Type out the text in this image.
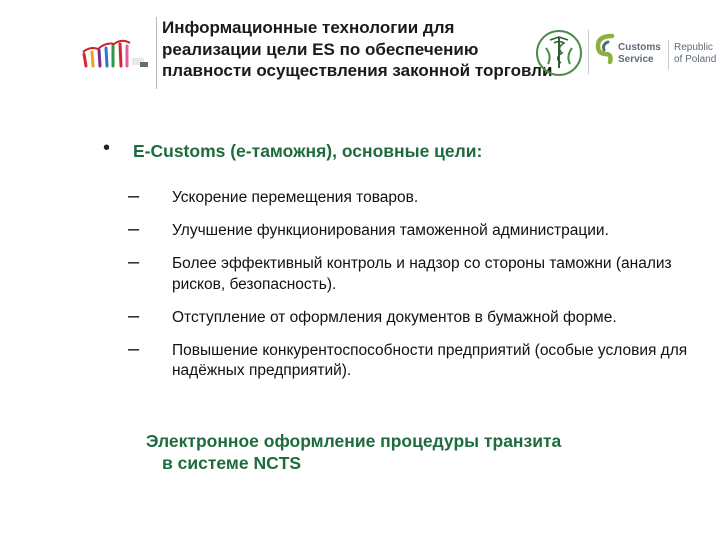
Информационные технологии для
реализации цели ES по обеспечению
плавности осуществления законной торговли
Customs
Service
Republic
of Poland
• E-Customs (e-таможня), основные цели:
– Ускорение перемещения товаров.
– Улучшение функционирования таможенной администрации.
– Более эффективный контроль и надзор со стороны таможни (анализ рисков, безопасность).
– Отступление от оформления документов в бумажной форме.
– Повышение конкурентоспособности предприятий (особые условия для надёжных предприятий).
Электронное оформление процедуры транзита
в системе NCTS
